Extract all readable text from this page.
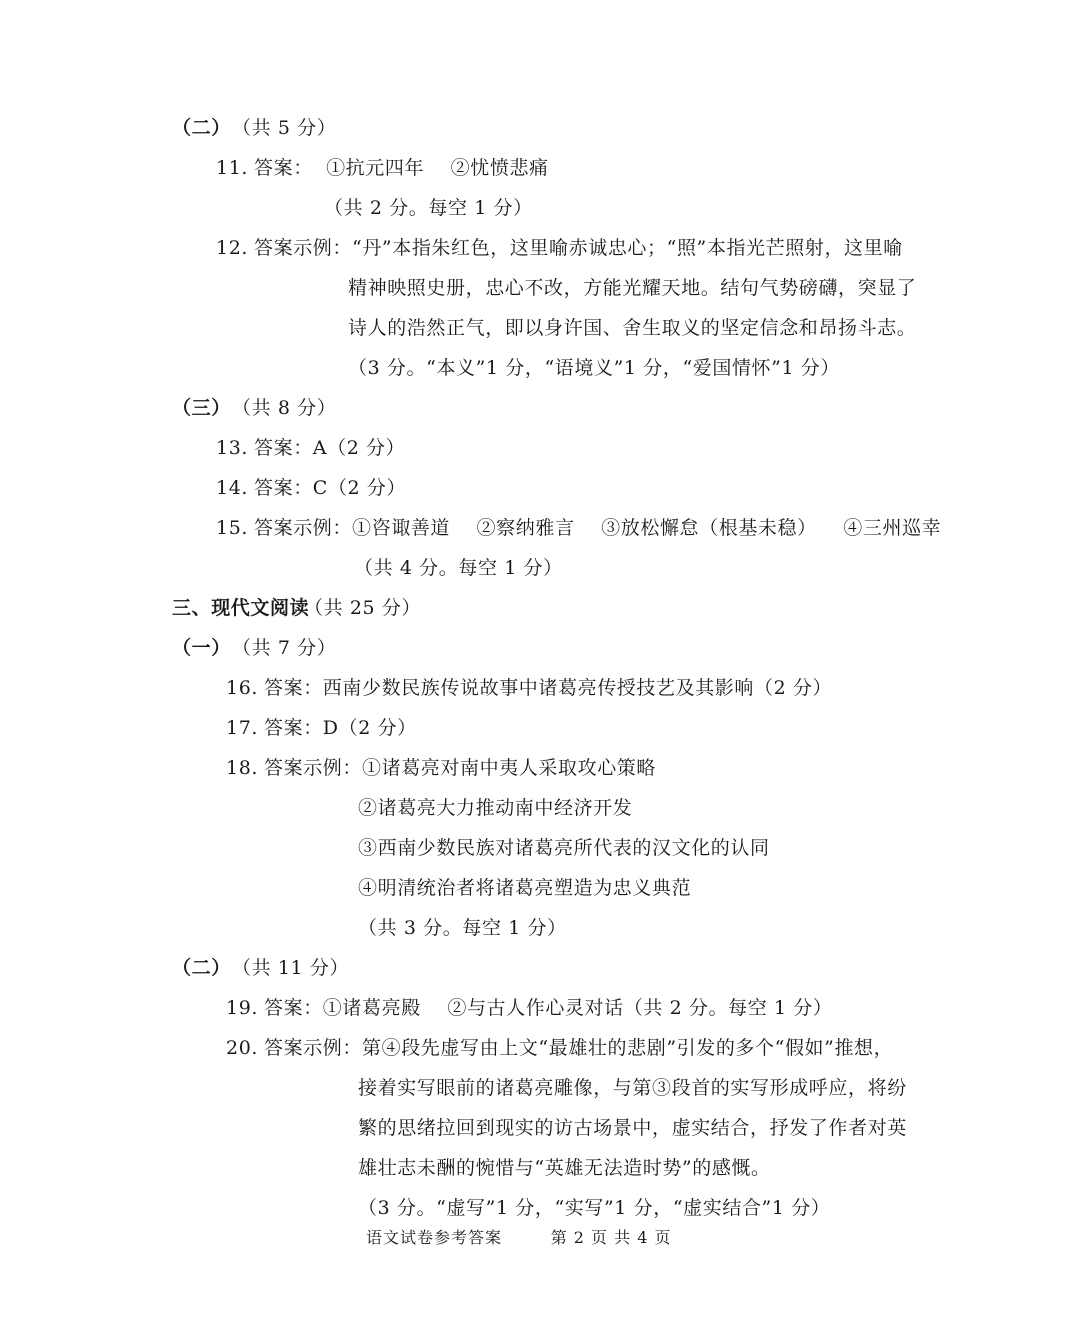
（二） （共 5 分）
11. 答案：  ①抗元四年    ②忧愤悲痛
（共 2 分。每空 1 分）
12. 答案示例：“丹”本指朱红色，这里喻赤诚忠心；“照”本指光芒照射，这里喻
精神映照史册，忠心不改，方能光耀天地。结句气势磅礴，突显了
诗人的浩然正气，即以身许国、舍生取义的坚定信念和昂扬斗志。
（3 分。“本义”1 分，“语境义”1 分，“爱国情怀”1 分）
（三） （共 8 分）
13. 答案：A（2 分）
14. 答案：C（2 分）
15. 答案示例：①咨诹善道    ②察纳雅言    ③放松懈怠（根基未稳）    ④三州巡幸
（共 4 分。每空 1 分）
三、现代文阅读
（共 25 分）
（一） （共 7 分）
16. 答案：西南少数民族传说故事中诸葛亮传授技艺及其影响（2 分）
17. 答案：D（2 分）
18. 答案示例：①诸葛亮对南中夷人采取攻心策略
②诸葛亮大力推动南中经济开发
③西南少数民族对诸葛亮所代表的汉文化的认同
④明清统治者将诸葛亮塑造为忠义典范
（共 3 分。每空 1 分）
（二） （共 11 分）
19. 答案：①诸葛亮殿    ②与古人作心灵对话（共 2 分。每空 1 分）
20. 答案示例：第④段先虚写由上文“最雄壮的悲剧”引发的多个“假如”推想，
接着实写眼前的诸葛亮雕像，与第③段首的实写形成呼应，将纷
繁的思绪拉回到现实的访古场景中，虚实结合，抒发了作者对英
雄壮志未酬的惋惜与“英雄无法造时势”的感慨。
（3 分。“虚写”1 分，“实写”1 分，“虚实结合”1 分）
语文试卷参考答案        第 2 页 共 4 页
